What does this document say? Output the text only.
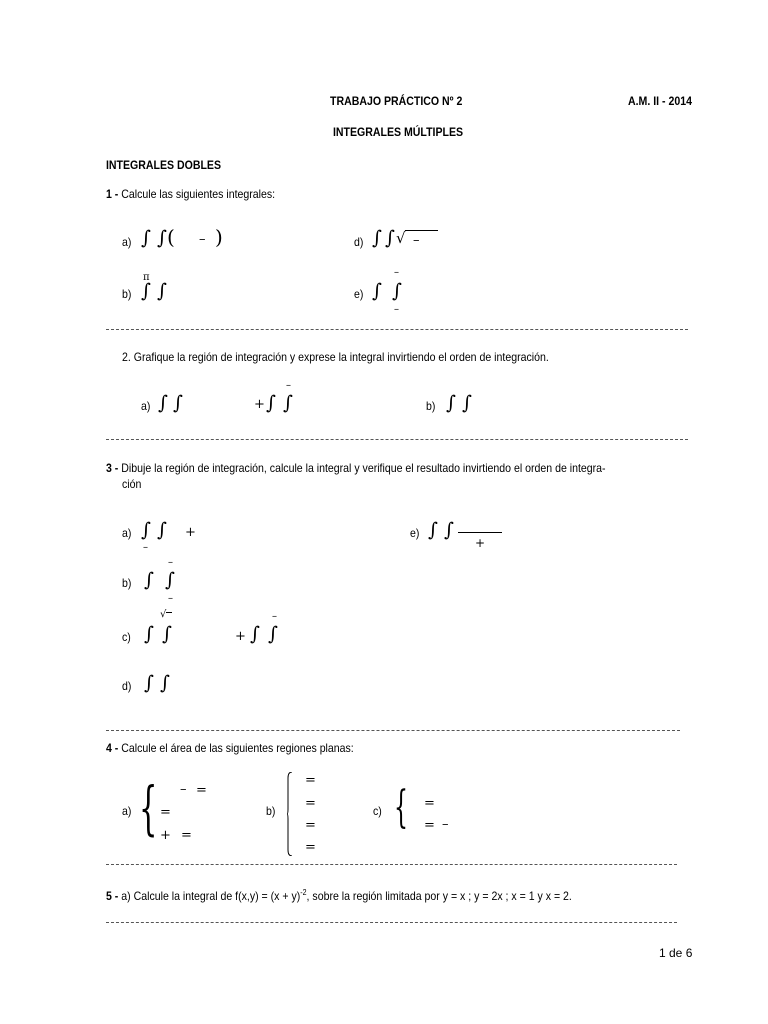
TRABAJO PRÁCTICO Nº 2	A.M. II - 2014
INTEGRALES MÚLTIPLES
INTEGRALES DOBLES
1 - Calcule las siguientes integrales:
a) ∫ ∫ ( – )	d) ∫ ∫ √ –
b)
π
∫ ∫	e) ∫
–
∫
–
2. Grafique la región de integración y exprese la integral invirtiendo el orden de integración.
a) ∫ ∫	+ ∫
–
∫	b) ∫ ∫
3 - Dibuje la región de integración, calcule la integral y verifique el resultado invirtiendo el orden de integra-
ción
a) ∫
–
∫ +	e) ∫ ∫
+
b) ∫
–
∫
–
c) ∫
√
∫	+ ∫
–
∫
d) ∫ ∫
4 - Calcule el área de las siguientes regiones planas:
a) { – =
=
+ =
b)
=
=
=
=
c) { =
= –
5 - a) Calcule la integral de $f(x,y) = (x + y)^{-2}$, sobre la región limitada por y = x ; y = 2x ; x = 1 y x = 2.
1 de 6
